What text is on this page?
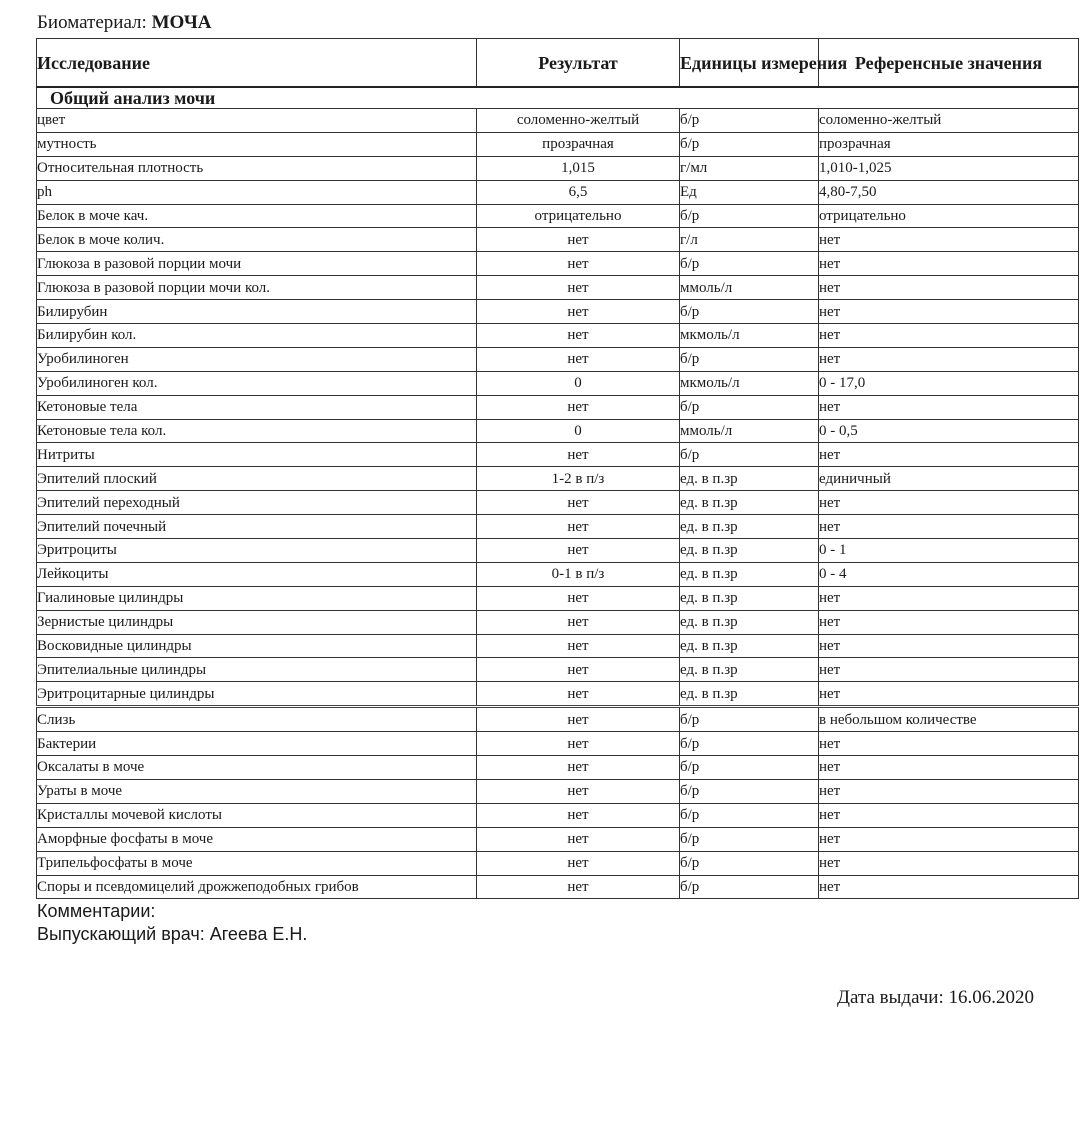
Биоматериал: МОЧА
Исследование	Результат	Единицы измерения	Референсные значения
Общий анализ мочи			
цвет	соломенно-желтый	б/р	соломенно-желтый
мутность	прозрачная	б/р	прозрачная
Относительная плотность	1,015	г/мл	1,010-1,025
ph	6,5	Ед	4,80-7,50
Белок в моче кач.	отрицательно	б/р	отрицательно
Белок в моче колич.	нет	г/л	нет
Глюкоза в разовой порции мочи	нет	б/р	нет
Глюкоза в разовой порции мочи кол.	нет	ммоль/л	нет
Билирубин	нет	б/р	нет
Билирубин кол.	нет	мкмоль/л	нет
Уробилиноген	нет	б/р	нет
Уробилиноген кол.	0	мкмоль/л	0 - 17,0
Кетоновые тела	нет	б/р	нет
Кетоновые тела кол.	0	ммоль/л	0 - 0,5
Нитриты	нет	б/р	нет
Эпителий плоский	1-2 в п/з	ед. в п.зр	единичный
Эпителий переходный	нет	ед. в п.зр	нет
Эпителий почечный	нет	ед. в п.зр	нет
Эритроциты	нет	ед. в п.зр	0 - 1
Лейкоциты	0-1 в п/з	ед. в п.зр	0 - 4
Гиалиновые цилиндры	нет	ед. в п.зр	нет
Зернистые цилиндры	нет	ед. в п.зр	нет
Восковидные цилиндры	нет	ед. в п.зр	нет
Эпителиальные цилиндры	нет	ед. в п.зр	нет
Эритроцитарные цилиндры	нет	ед. в п.зр	нет
Слизь	нет	б/р	в небольшом количестве
Бактерии	нет	б/р	нет
Оксалаты в моче	нет	б/р	нет
Ураты в моче	нет	б/р	нет
Кристаллы мочевой кислоты	нет	б/р	нет
Аморфные фосфаты в моче	нет	б/р	нет
Трипельфосфаты в моче	нет	б/р	нет
Споры и псевдомицелий дрожжеподобных грибов	нет	б/р	нет
Комментарии:
Выпускающий врач: Агеева Е.Н.
Дата выдачи: 16.06.2020
